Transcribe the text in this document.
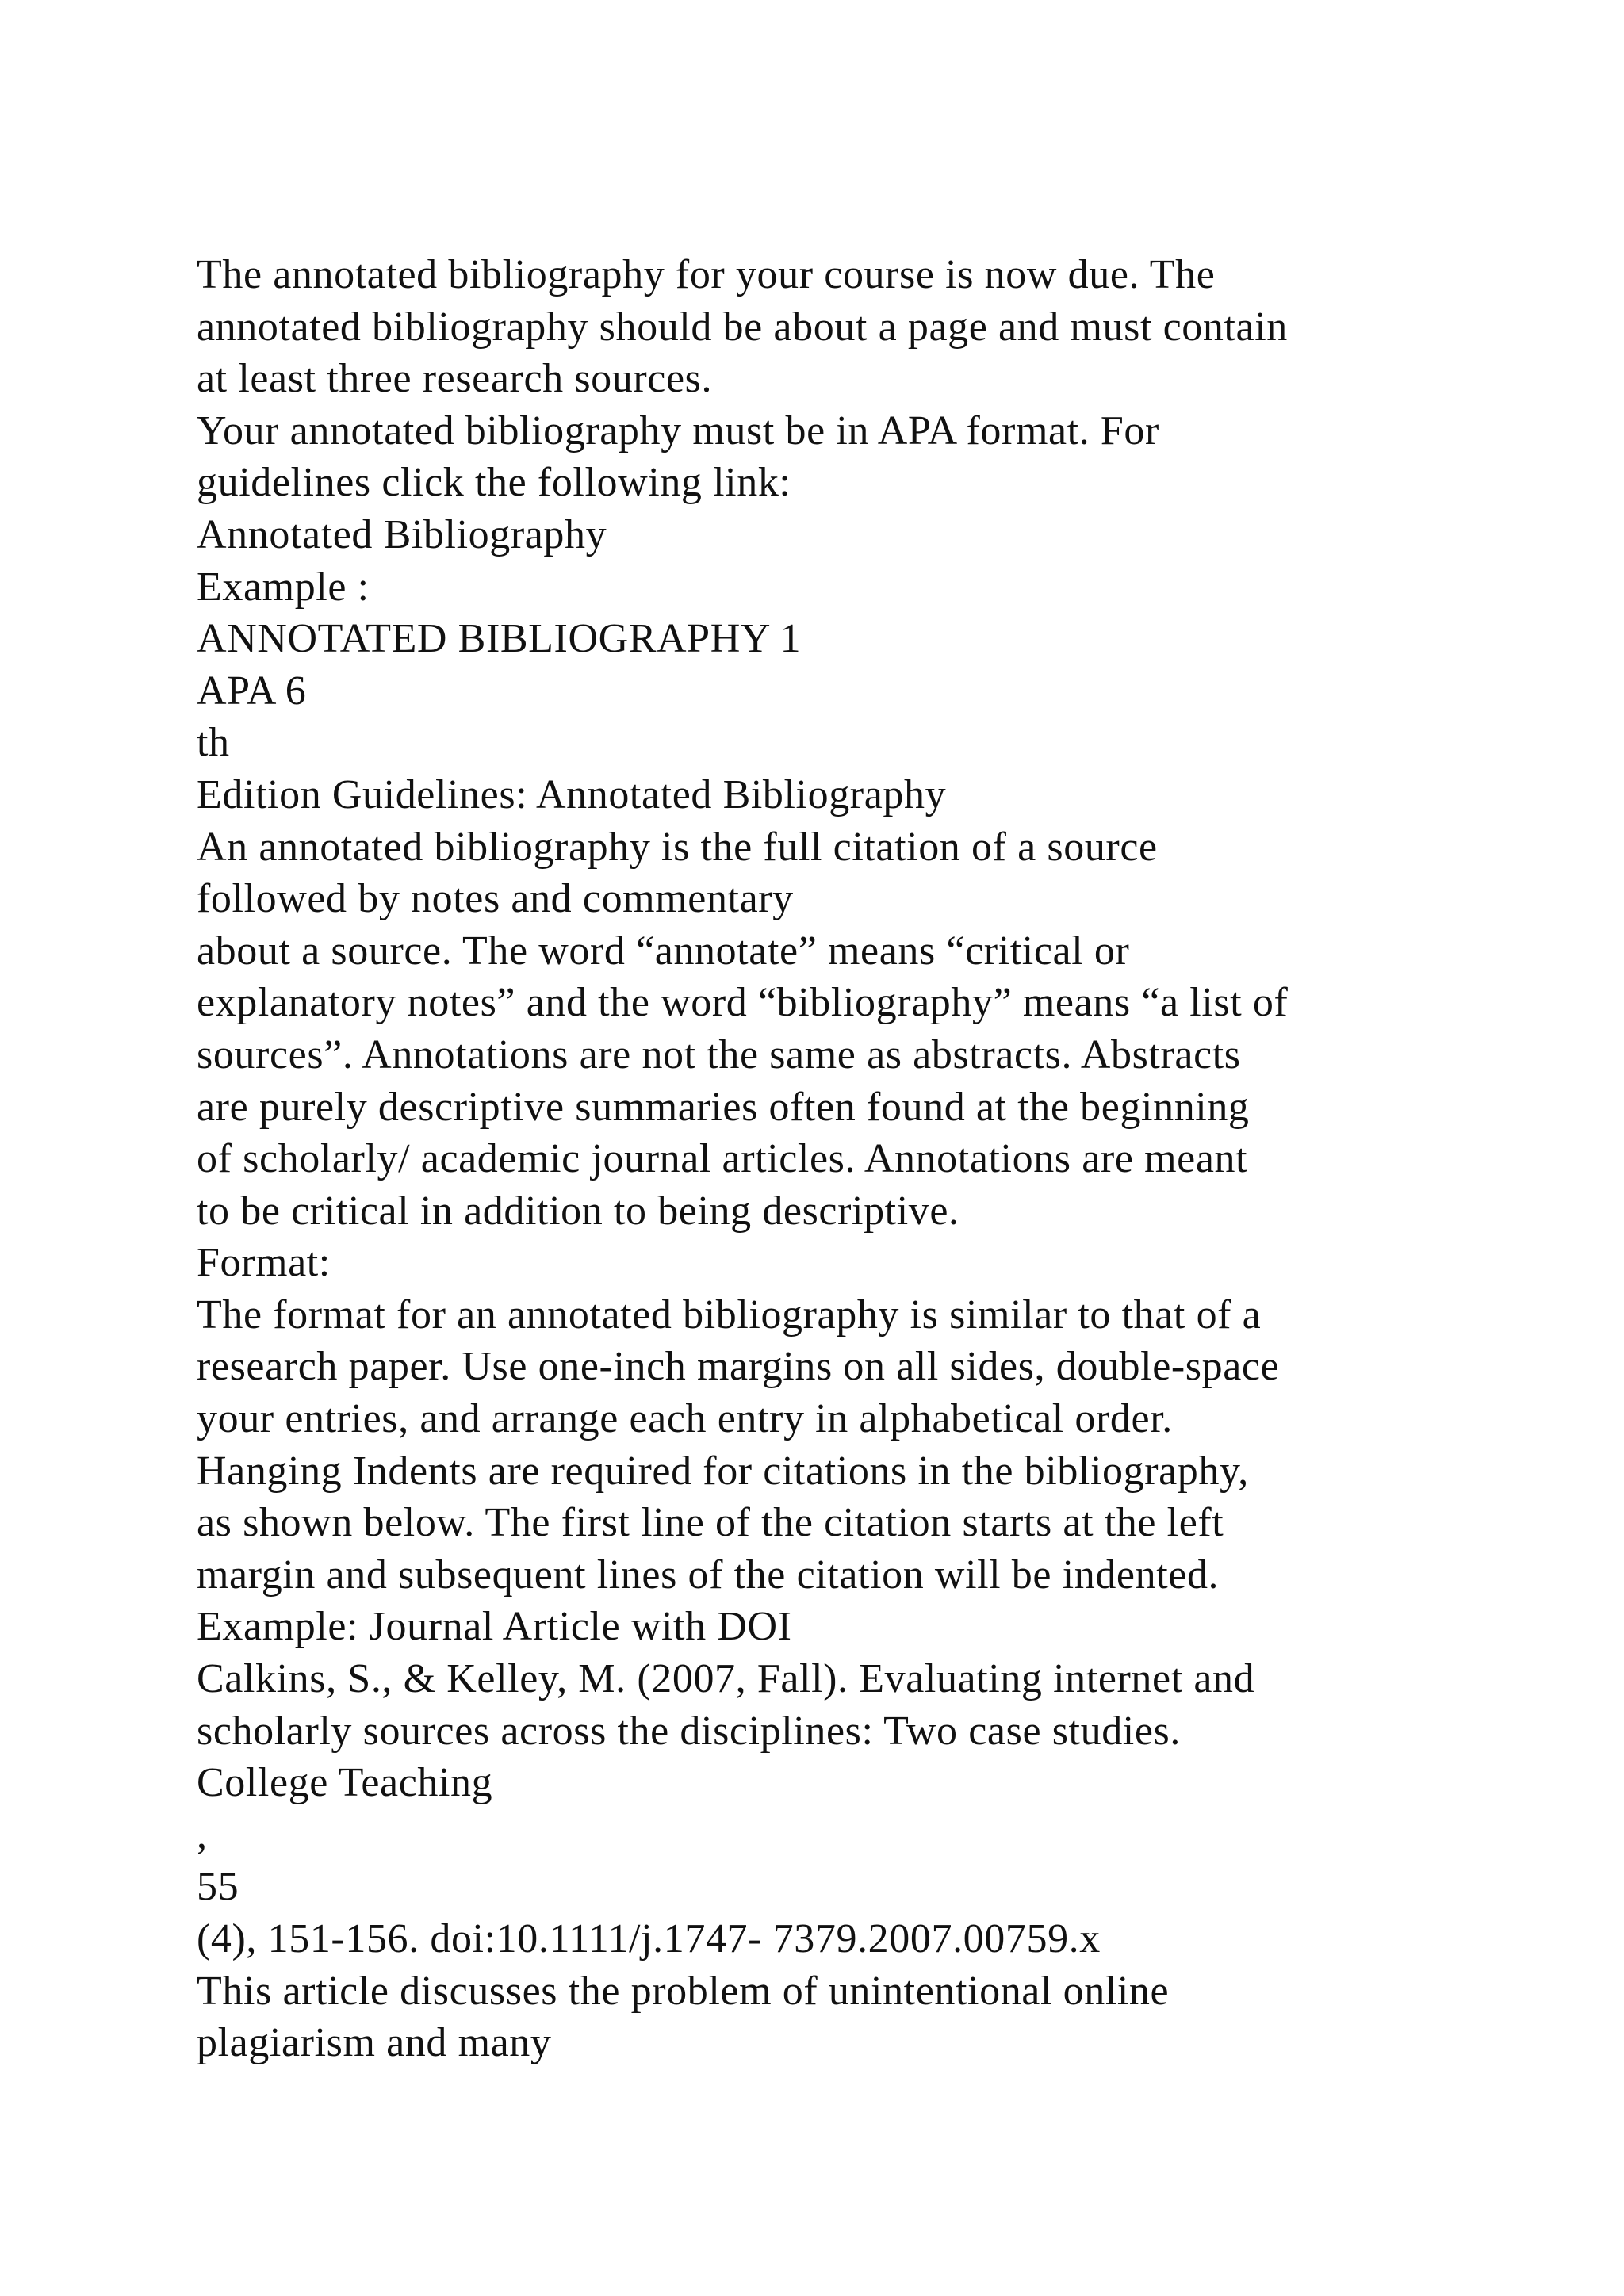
The annotated bibliography for your course is now due. The
annotated bibliography should be about a page and must contain
at least three research sources.
Your annotated bibliography must be in APA format. For
guidelines click the following link:
Annotated Bibliography
Example :
ANNOTATED BIBLIOGRAPHY 1
APA 6
th
Edition Guidelines: Annotated Bibliography
An annotated bibliography is the full citation of a source
followed by notes and commentary
about a source. The word “annotate” means “critical or
explanatory notes” and the word “bibliography” means “a list of
sources”. Annotations are not the same as abstracts. Abstracts
are purely descriptive summaries often found at the beginning
of scholarly/ academic journal articles. Annotations are meant
to be critical in addition to being descriptive.
Format:
The format for an annotated bibliography is similar to that of a
research paper. Use one-inch margins on all sides, double-space
your entries, and arrange each entry in alphabetical order.
Hanging Indents are required for citations in the bibliography,
as shown below. The first line of the citation starts at the left
margin and subsequent lines of the citation will be indented.
Example: Journal Article with DOI
Calkins, S., & Kelley, M. (2007, Fall). Evaluating internet and
scholarly sources across the disciplines: Two case studies.
College Teaching
,
55
(4), 151-156. doi:10.1111/j.1747- 7379.2007.00759.x
This article discusses the problem of unintentional online
plagiarism and many
